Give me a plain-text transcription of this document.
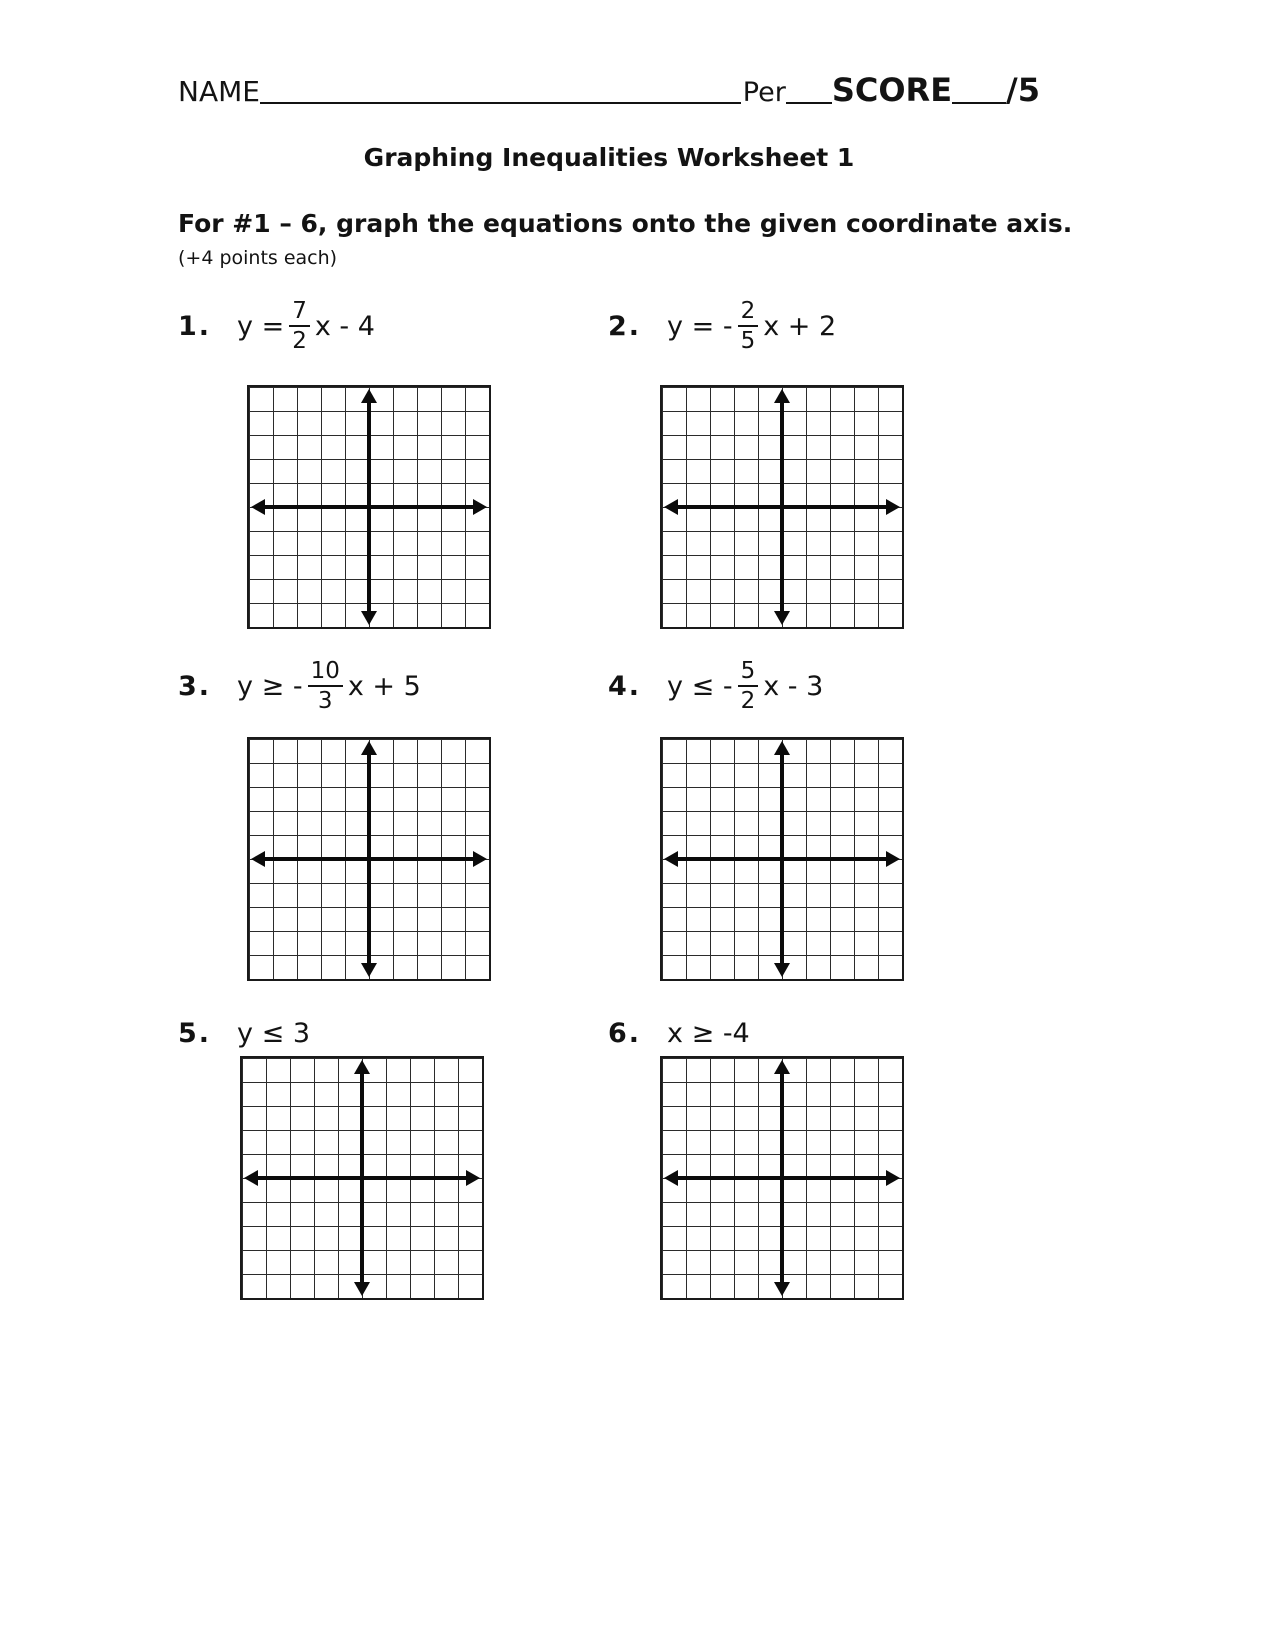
NAME	Per SCORE /5
Graphing Inequalities Worksheet 1
For #1 – 6, graph the equations onto the given coordinate axis.
(+4 points each)
1. $y = \frac{7}{2}$ x - 4	2. y = - $\frac{2}{5}$ x + 2
3. y ≥ - $\frac{10}{3}$ x + 5	4. y ≤ - $\frac{5}{2}$ x - 3
5. y ≤ 3	6. x ≥ -4
